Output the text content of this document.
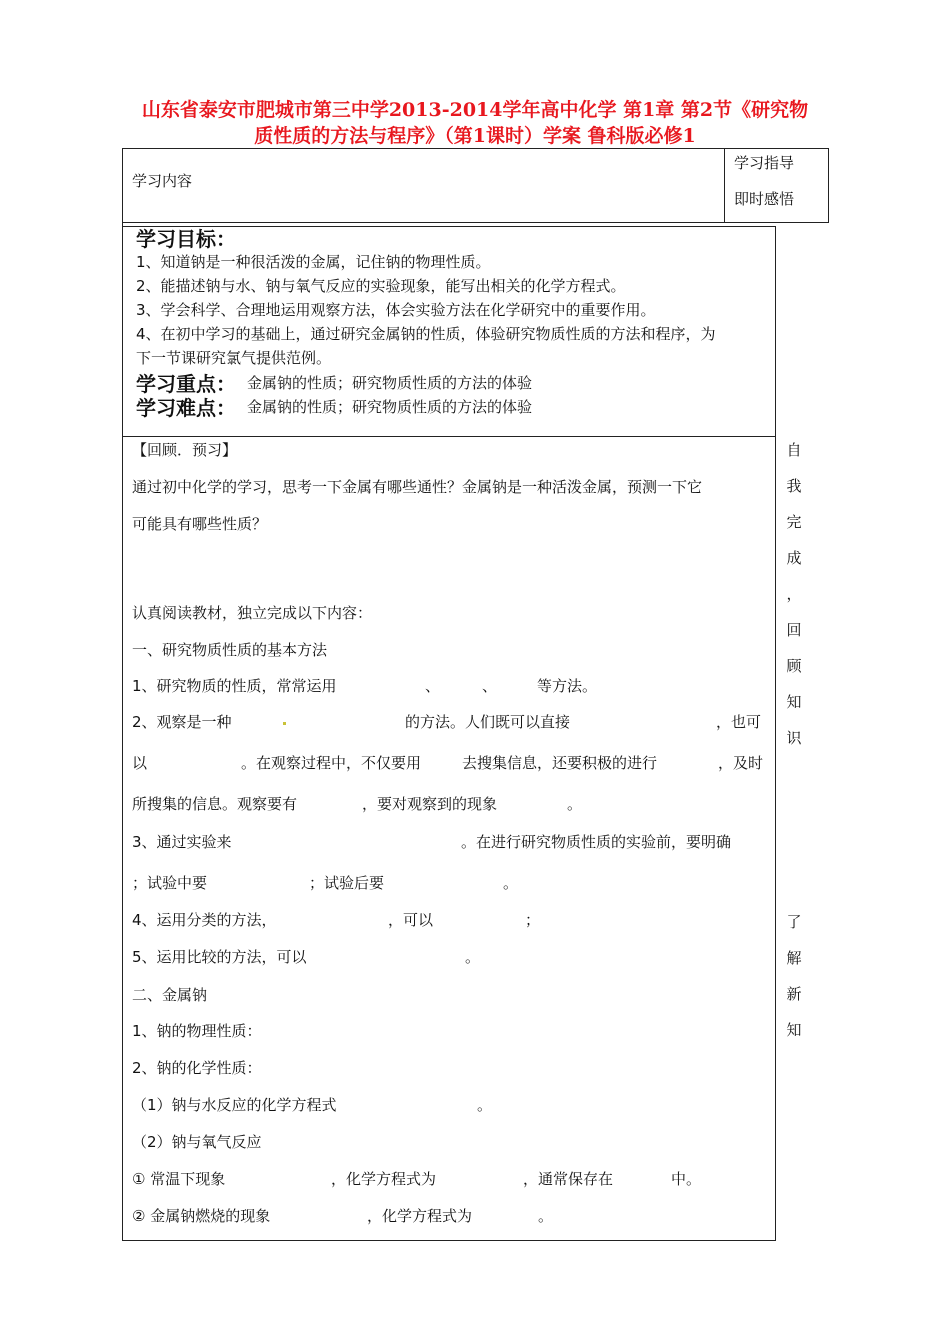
山东省泰安市肥城市第三中学2013-2014学年高中化学 第1章 第2节《研究物
质性质的方法与程序》（第1课时）学案 鲁科版必修1
学习内容
学习指导
即时感悟
学习目标：
1、知道钠是一种很活泼的金属，记住钠的物理性质。
2、能描述钠与水、钠与氧气反应的实验现象，能写出相关的化学方程式。
3、学会科学、合理地运用观察方法，体会实验方法在化学研究中的重要作用。
4、在初中学习的基础上，通过研究金属钠的性质，体验研究物质性质的方法和程序，为
下一节课研究氯气提供范例。
学习重点： 金属钠的性质；研究物质性质的方法的体验
学习难点： 金属钠的性质；研究物质性质的方法的体验
【回顾．预习】
通过初中化学的学习，思考一下金属有哪些通性？金属钠是一种活泼金属，预测一下它
可能具有哪些性质？
认真阅读教材，独立完成以下内容：
一、研究物质性质的基本方法
1、研究物质的性质，常常运用	、	、	等方法。
2、观察是一种	的方法。人们既可以直接	，也可
以	。在观察过程中，不仅要用	去搜集信息，还要积极的进行	，及时
所搜集的信息。观察要有	，要对观察到的现象	。
3、通过实验来	。在进行研究物质性质的实验前，要明确
；试验中要	；试验后要	。
4、运用分类的方法，	，可以	；
5、运用比较的方法，可以	。
二、金属钠
1、钠的物理性质：
2、钠的化学性质：
（1）钠与水反应的化学方程式	。
（2）钠与氧气反应
① 常温下现象	，化学方程式为	，通常保存在	中。
② 金属钠燃烧的现象	，化学方程式为	。
自
我
完
成
，
回
顾
知
识
了
解
新
知
